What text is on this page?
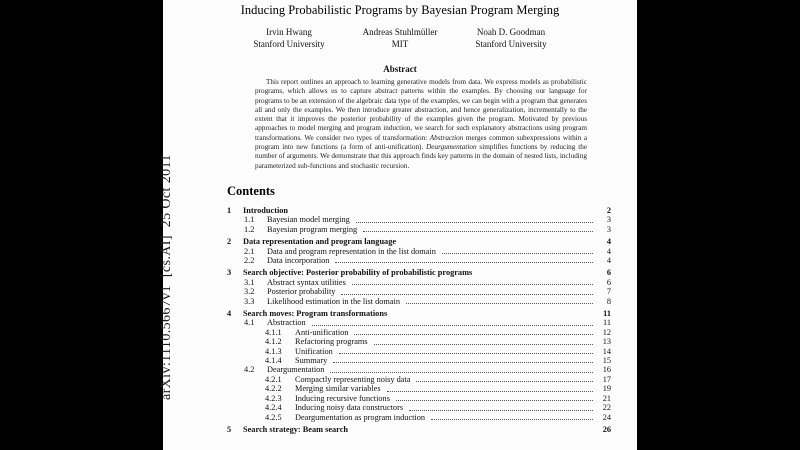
arXiv:1110.5667v1  [cs.AI]  25 Oct 2011
Inducing Probabilistic Programs by Bayesian Program Merging
Irvin Hwang
Stanford University
Andreas Stuhlmüller
MIT
Noah D. Goodman
Stanford University
Abstract

This report outlines an approach to learning generative models from data. We express models as probabilistic programs, which allows us to capture abstract patterns within the examples. By choosing our language for programs to be an extension of the algebraic data type of the examples, we can begin with a program that generates all and only the examples. We then introduce greater abstraction, and hence generalization, incrementally to the extent that it improves the posterior probability of the examples given the program. Motivated by previous approaches to model merging and program induction, we search for such explanatory abstractions using program transformations. We consider two types of transformation: Abstraction merges common subexpressions within a program into new functions (a form of anti-unification). Deargumentation simplifies functions by reducing the number of arguments. We demonstrate that this approach finds key patterns in the domain of nested lists, including parameterized sub-functions and stochastic recursion.

Contents
1	Introduction	2
1.1	Bayesian model merging	3
1.2	Bayesian program merging	3
2	Data representation and program language	4
2.1	Data and program representation in the list domain	4
2.2	Data incorporation	4
3	Search objective: Posterior probability of probabilistic programs	6
3.1	Abstract syntax utilities	6
3.2	Posterior probability	7
3.3	Likelihood estimation in the list domain	8
4	Search moves: Program transformations	11
4.1	Abstraction	11
4.1.1	Anti-unification	12
4.1.2	Refactoring programs	13
4.1.3	Unification	14
4.1.4	Summary	15
4.2	Deargumentation	16
4.2.1	Compactly representing noisy data	17
4.2.2	Merging similar variables	19
4.2.3	Inducing recursive functions	21
4.2.4	Inducing noisy data constructors	22
4.2.5	Deargumentation as program induction	24
5	Search strategy: Beam search	26
